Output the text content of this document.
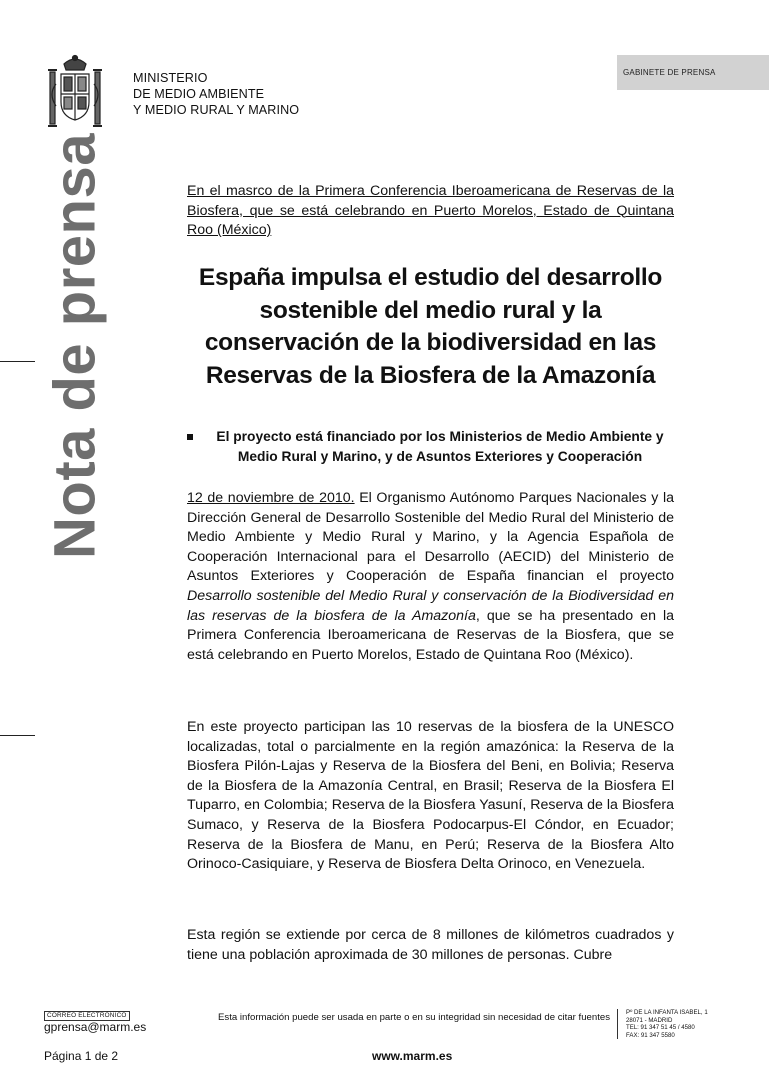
MINISTERIO
DE MEDIO AMBIENTE
Y MEDIO RURAL Y MARINO
GABINETE DE PRENSA
Nota de prensa	En el masrco de la Primera Conferencia Iberoamericana de Reservas de la Biosfera, que se está celebrando en Puerto Morelos, Estado de Quintana Roo (México)
España impulsa el estudio del desarrollo sostenible del medio rural y la conservación de la biodiversidad en las Reservas de la Biosfera de la Amazonía
El proyecto está financiado por los Ministerios de Medio Ambiente y Medio Rural y Marino, y de Asuntos Exteriores y Cooperación
12 de noviembre de 2010. El Organismo Autónomo Parques Nacionales y la Dirección General de Desarrollo Sostenible del Medio Rural del Ministerio de Medio Ambiente y Medio Rural y Marino, y la Agencia Española de Cooperación Internacional para el Desarrollo (AECID) del Ministerio de Asuntos Exteriores y Cooperación de España financian el proyecto Desarrollo sostenible del Medio Rural y conservación de la Biodiversidad en las reservas de la biosfera de la Amazonía, que se ha presentado en la Primera Conferencia Iberoamericana de Reservas de la Biosfera, que se está celebrando en Puerto Morelos, Estado de Quintana Roo (México).
En este proyecto participan las 10 reservas de la biosfera de la UNESCO localizadas, total o parcialmente en la región amazónica: la Reserva de la Biosfera Pilón-Lajas y Reserva de la Biosfera del Beni, en Bolivia; Reserva de la Biosfera de la Amazonía Central, en Brasil; Reserva de la Biosfera El Tuparro, en Colombia; Reserva de la Biosfera Yasuní, Reserva de la Biosfera Sumaco, y Reserva de la Biosfera Podocarpus-El Cóndor, en Ecuador; Reserva de la Biosfera de Manu, en Perú; Reserva de la Biosfera Alto Orinoco-Casiquiare, y Reserva de Biosfera Delta Orinoco, en Venezuela.
Esta región se extiende por cerca de 8 millones de kilómetros cuadrados y tiene una población aproximada de 30 millones de personas. Cubre
CORREO ELECTRÓNICO
gprensa@marm.es
Esta información puede ser usada en parte o en su integridad sin necesidad de citar fuentes	Pº DE LA INFANTA ISABEL, 1
28071 - MADRID
TEL: 91 347 51 45 / 4580
FAX: 91 347 5580
Página 1 de 2	www.marm.es
